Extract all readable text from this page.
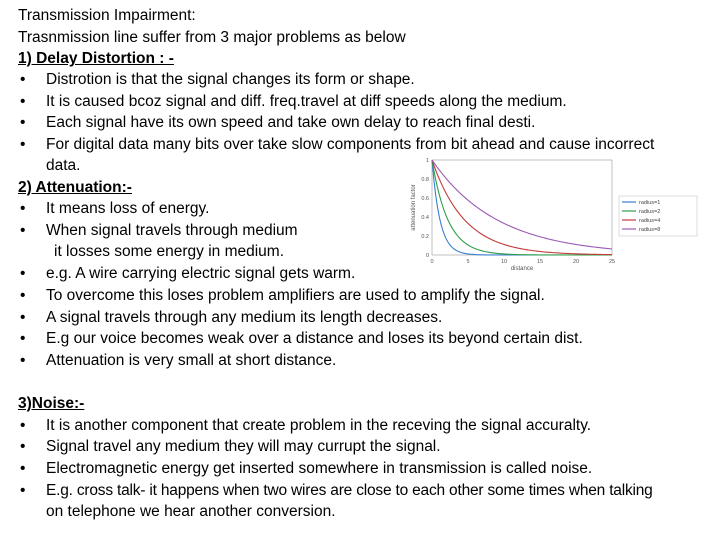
Transmission Impairment:
Trasnmission line suffer from 3 major problems as below
1) Delay Distortion : -
• Distrotion is that the signal changes its form or shape.
• It is caused bcoz signal and diff. freq.travel at diff speeds along the medium.
• Each signal have its own speed and take own delay to reach final desti.
• For digital data many bits over take slow components from bit ahead and cause incorrect
data.
2) Attenuation:-
• It means loss of energy.
• When signal travels through medium
it losses some energy in medium.
• e.g. A wire carrying electric signal gets warm.
• To overcome this loses problem amplifiers are used to amplify the signal.
• A signal travels through any medium its length decreases.
• E.g our voice becomes weak over a distance and loses its beyond certain dist.
• Attenuation is very small at short distance.
3)Noise:-
• It is another component that create problem in the receving the signal accuralty.
• Signal travel any medium they will may currupt the signal.
• Electromagnetic energy get inserted somewhere in transmission is called noise.
• E.g. cross talk- it happens when two wires are close to each other some times when talking
on telephone we hear another conversion.
0	5	10	15	20	25
0
0.2
0.4
0.6
0.8
1
distance
attenuation factor	radius=1
radius=2
radius=4
radius=8
